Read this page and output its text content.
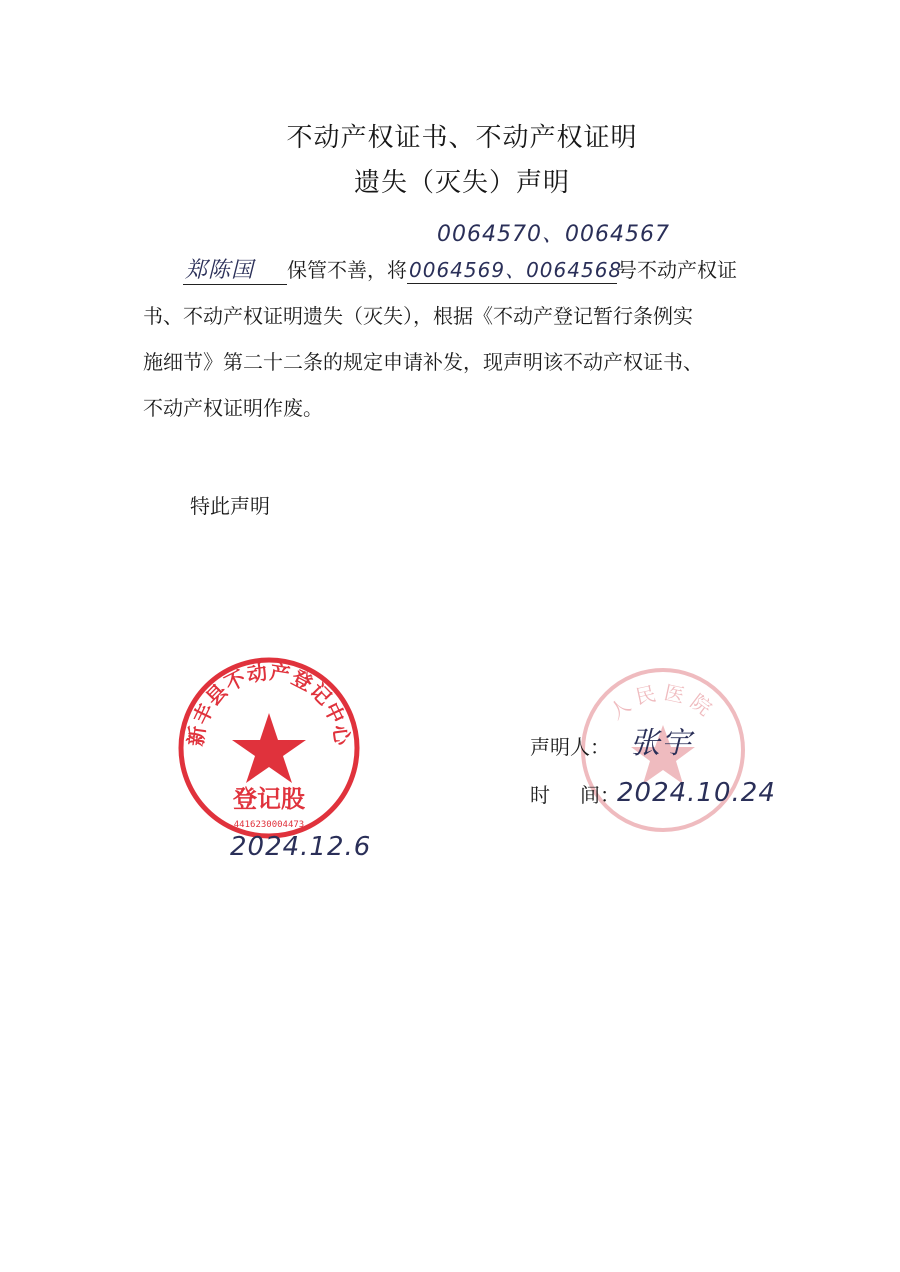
不动产权证书、不动产权证明
遗失（灭失）声明
0064570、0064567
郑陈国 保管不善，将 0064569、0064568号不动产权证
书、不动产权证明遗失（灭失），根据《不动产登记暂行条例实
施细节》第二十二条的规定申请补发，现声明该不动产权证书、
不动产权证明作废。
特此声明
新丰县不动产登记中心
登记股
4416230004473
人民医院
声明人： 张宇
时 间：
2024.10.24
2024.12.6
